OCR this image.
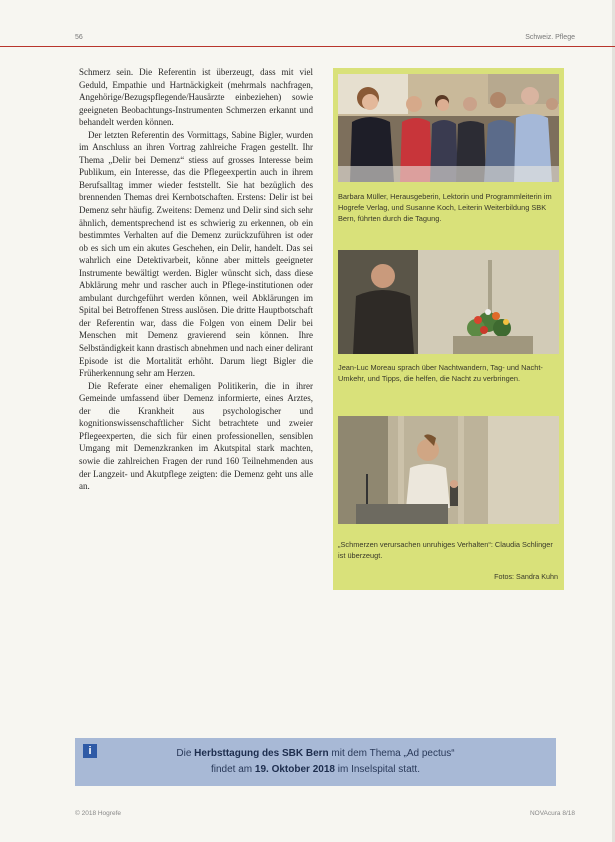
56	Schweiz. Pflege

Schmerz sein. Die Referentin ist überzeugt, dass mit viel Geduld, Empathie und Hartnäckigkeit (mehrmals nachfragen, Angehörige/Bezugspflegende/Hausärzte einbeziehen) sowie geeigneten Beobachtungs-Instrumenten Schmerzen erkannt und behandelt werden können.

Der letzten Referentin des Vormittags, Sabine Bigler, wurden im Anschluss an ihren Vortrag zahlreiche Fragen gestellt. Ihr Thema „Delir bei Demenz“ stiess auf grosses Interesse beim Publikum, ein Interesse, das die Pflegeexpertin auch in ihrem Berufsalltag immer wieder feststellt. Sie hat bezüglich des brennenden Themas drei Kernbotschaften. Erstens: Delir ist bei Demenz sehr häufig. Zweitens: Demenz und Delir sind sich sehr ähnlich, dementsprechend ist es schwierig zu erkennen, ob ein bestimmtes Verhalten auf die Demenz zurückzuführen ist oder ob es sich um ein akutes Geschehen, ein Delir, handelt. Das sei wahrlich eine Detektivarbeit, könne aber mittels geeigneter Instrumente bewältigt werden. Bigler wünscht sich, dass diese Abklärung mehr und rascher auch in Pflege-institutionen oder ambulant durchgeführt werden können, weil Abklärungen im Spital bei Betroffenen Stress auslösen. Die dritte Hauptbotschaft der Referentin war, dass die Folgen von einem Delir bei Menschen mit Demenz gravierend sein können. Ihre Selbständigkeit kann drastisch abnehmen und nach einer delirant Episode ist die Mortalität erhöht. Darum liegt Bigler die Früherkennung sehr am Herzen.

Die Referate einer ehemaligen Politikerin, die in ihrer Gemeinde umfassend über Demenz informierte, eines Arztes, der die Krankheit aus psychologischer und kognitionswissenschaftlicher Sicht betrachtete und zweier Pflegeexperten, die sich für einen professionellen, sensiblen Umgang mit Demenzkranken im Akutspital stark machten, sowie die zahlreichen Fragen der rund 160 Teilnehmenden aus der Langzeit- und Akutpflege zeigten: die Demenz geht uns alle an.

Barbara Müller, Herausgeberin, Lektorin und Programmleiterin im Hogrefe Verlag, und Susanne Koch, Leiterin Weiterbildung SBK Bern, führten durch die Tagung.
Jean-Luc Moreau sprach über Nachtwandern, Tag- und Nacht-Umkehr, und Tipps, die helfen, die Nacht zu verbringen.
„Schmerzen verursachen unruhiges Verhalten“: Claudia Schlinger ist überzeugt.
Fotos: Sandra Kuhn
i	Die Herbsttagung des SBK Bern mit dem Thema „Ad pectus“
findet am 19. Oktober 2018 im Inselspital statt.
© 2018 Hogrefe	NOVAcura 8/18
